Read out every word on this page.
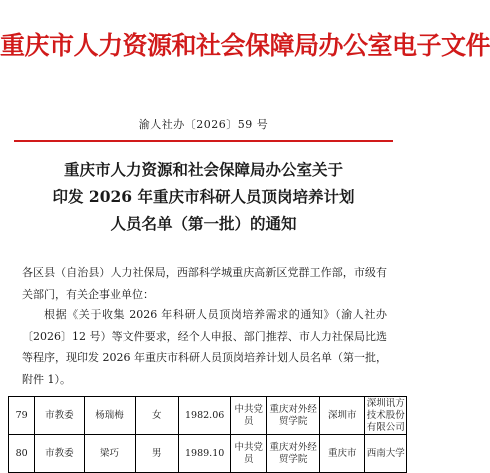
重庆市人力资源和社会保障局办公室电子文件
渝人社办〔2026〕59 号
重庆市人力资源和社会保障局办公室关于
印发 2026 年重庆市科研人员顶岗培养计划
人员名单（第一批）的通知
各区县（自治县）人力社保局，西部科学城重庆高新区党群工作部，市级有关部门，有关企事业单位：
根据《关于收集 2026 年科研人员顶岗培养需求的通知》（渝人社办〔2026〕12 号）等文件要求，经个人申报、部门推荐、市人力社保局比选等程序，现印发 2026 年重庆市科研人员顶岗培养计划人员名单（第一批，附件 1）。
79	市教委	杨瑞梅	女	1982.06	中共党员	重庆对外经贸学院	深圳市	深圳讯方技术股份有限公司
80	市教委	梁巧	男	1989.10	中共党员	重庆对外经贸学院	重庆市	西南大学
